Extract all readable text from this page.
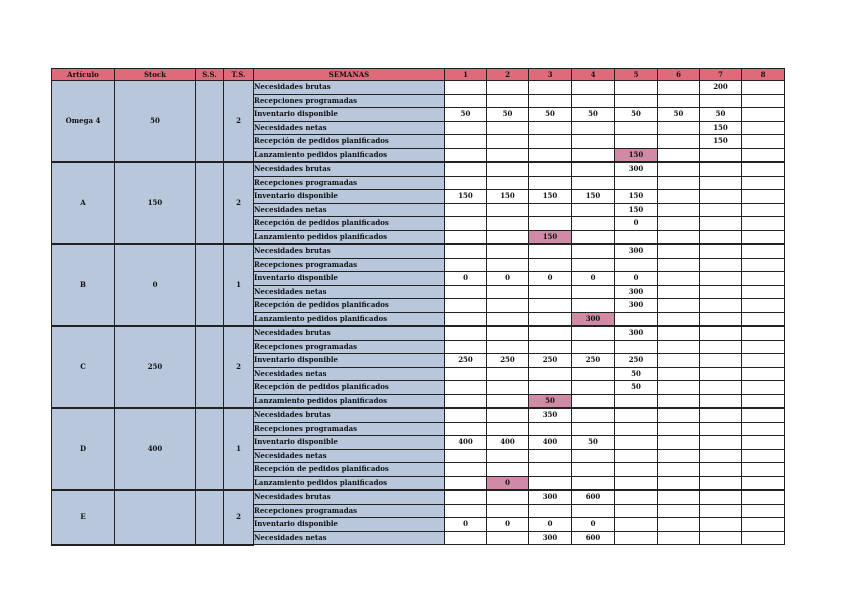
Artículo	Stock	S.S.	T.S.	SEMANAS	1	2	3	4	5	6	7	8
Omega 4	50		2	Necesidades brutas							200	
				Recepciones programadas								
				Inventario disponible	50	50	50	50	50	50	50	
				Necesidades netas							150	
				Recepción de pedidos planificados							150	
				Lanzamiento pedidos planificados					150			
A	150		2	Necesidades brutas					300			
				Recepciones programadas								
				Inventario disponible	150	150	150	150	150			
				Necesidades netas					150			
				Recepción de pedidos planificados					0			
				Lanzamiento pedidos planificados			150					
B	0		1	Necesidades brutas					300			
				Recepciones programadas								
				Inventario disponible	0	0	0	0	0			
				Necesidades netas					300			
				Recepción de pedidos planificados					300			
				Lanzamiento pedidos planificados				300				
C	250		2	Necesidades brutas					300			
				Recepciones programadas								
				Inventario disponible	250	250	250	250	250			
				Necesidades netas					50			
				Recepción de pedidos planificados					50			
				Lanzamiento pedidos planificados			50					
D	400		1	Necesidades brutas			350					
				Recepciones programadas								
				Inventario disponible	400	400	400	50				
				Necesidades netas								
				Recepción de pedidos planificados								
				Lanzamiento pedidos planificados		0						
E			2	Necesidades brutas			300	600				
				Recepciones programadas								
				Inventario disponible	0	0	0	0				
				Necesidades netas			300	600				
